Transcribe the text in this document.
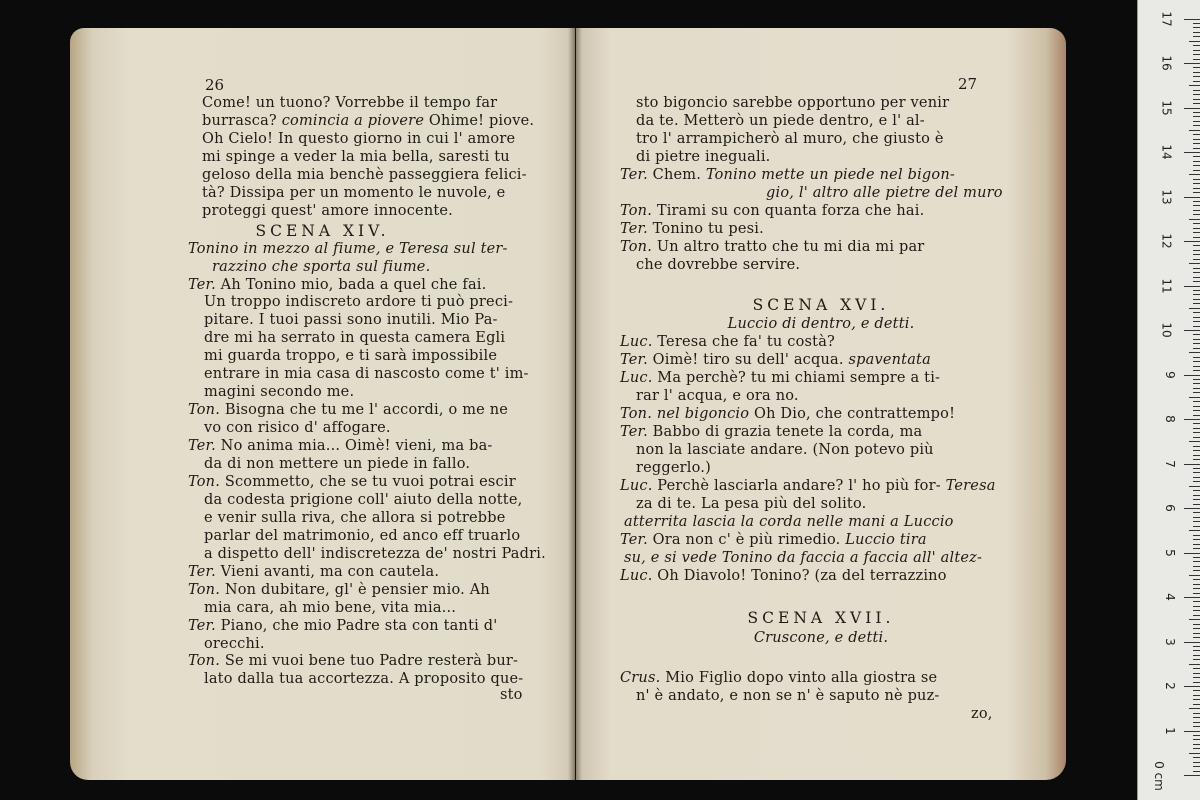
26
Come! un tuono? Vorrebbe il tempo far
burrasca? comincia a piovere Ohime! piove.
Oh Cielo! In questo giorno in cui l' amore
mi spinge a veder la mia bella, saresti tu
geloso della mia benchè passeggiera felici-
tà? Dissipa per un momento le nuvole, e
proteggi quest' amore innocente.
SCENA XIV.
Tonino in mezzo al fiume, e Teresa sul ter-
razzino che sporta sul fiume.
Ter. Ah Tonino mio, bada a quel che fai.
Un troppo indiscreto ardore ti può preci-
pitare. I tuoi passi sono inutili. Mio Pa-
dre mi ha serrato in questa camera Egli
mi guarda troppo, e ti sarà impossibile
entrare in mia casa di nascosto come t' im-
magini secondo me.
Ton. Bisogna che tu me l' accordi, o me ne
vo con risico d' affogare.
Ter. No anima mia... Oimè! vieni, ma ba-
da di non mettere un piede in fallo.
Ton. Scommetto, che se tu vuoi potrai escir
da codesta prigione coll' aiuto della notte,
e venir sulla riva, che allora si potrebbe
parlar del matrimonio, ed anco eff truarlo
a dispetto dell' indiscretezza de' nostri Padri.
Ter. Vieni avanti, ma con cautela.
Ton. Non dubitare, gl' è pensier mio. Ah
mia cara, ah mio bene, vita mia...
Ter. Piano, che mio Padre sta con tanti d'
orecchi.
Ton. Se mi vuoi bene tuo Padre resterà bur-
lato dalla tua accortezza. A proposito que-
sto
27
sto bigoncio sarebbe opportuno per venir
da te. Metterò un piede dentro, e l' al-
tro l' arrampicherò al muro, che giusto è
di pietre ineguali.
Ter. Chem. Tonino mette un piede nel bigon-
gio, l' altro alle pietre del muro
Ton. Tirami su con quanta forza che hai.
Ter. Tonino tu pesi.
Ton. Un altro tratto che tu mi dia mi par
che dovrebbe servire.
SCENA XVI.
Luccio di dentro, e detti.
Luc. Teresa che fa' tu costà?
Ter. Oimè! tiro su dell' acqua. spaventata
Luc. Ma perchè? tu mi chiami sempre a ti-
rar l' acqua, e ora no.
Ton. nel bigoncio Oh Dio, che contrattempo!
Ter. Babbo di grazia tenete la corda, ma
non la lasciate andare. (Non potevo più
reggerlo.)
Luc. Perchè lasciarla andare? l' ho più for- Teresa
za di te. La pesa più del solito.
atterrita lascia la corda nelle mani a Luccio
Ter. Ora non c' è più rimedio. Luccio tira
su, e si vede Tonino da faccia a faccia all' altez-
Luc. Oh Diavolo! Tonino? (za del terrazzino
SCENA XVII.
Cruscone, e detti.
Crus. Mio Figlio dopo vinto alla giostra se
n' è andato, e non se n' è saputo nè puz-
zo,
0 cm
1
2
3
4
5
6
7
8
9
10
11
12
13
14
15
16
17
